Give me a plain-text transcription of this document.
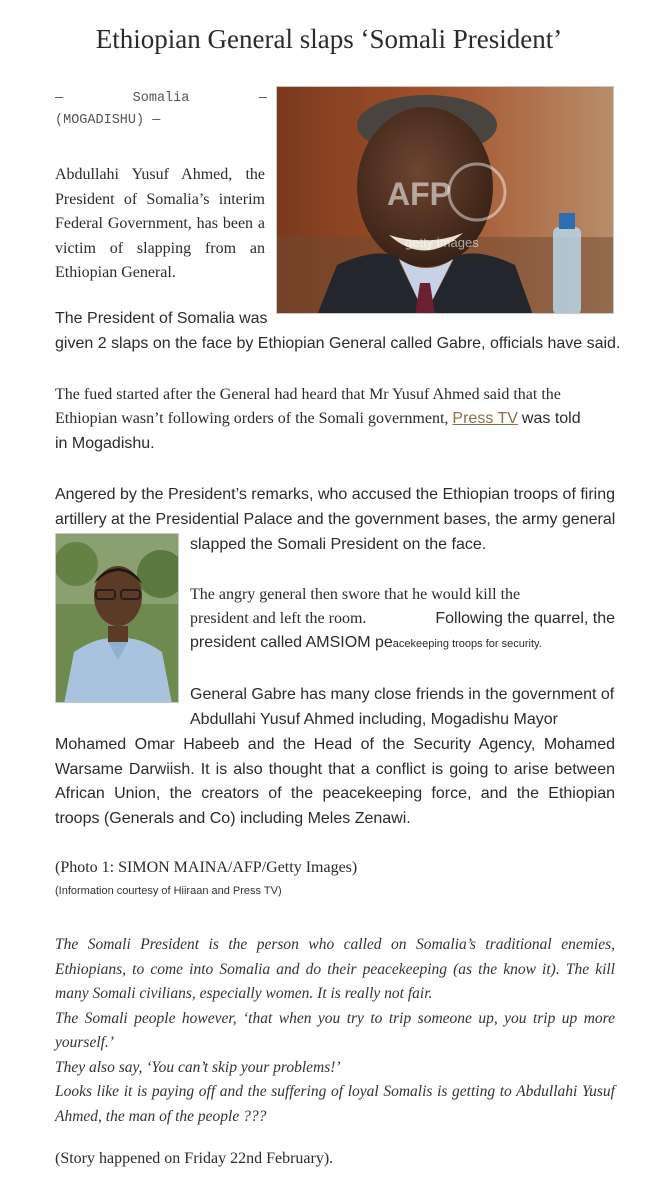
Ethiopian General slaps ‘Somali President’
—	Somalia	—
(MOGADISHU) —
AFP
getty images

Abdullahi Yusuf Ahmed, the President of Somalia’s interim Federal Government, has been a victim of slapping from an Ethiopian General.

The President of Somalia was

given 2 slaps on the face by Ethiopian General called Gabre, officials have said.

The fued started after the General had heard that Mr Yusuf Ahmed said that the

Ethiopian wasn’t following orders of the Somali government, Press TV was told

in Mogadishu.

Angered by the President’s remarks, who accused the Ethiopian troops of firing

artillery at the Presidential Palace and the government bases, the army general

slapped the Somali President on the face.

The angry general then swore that he would kill the

president and left the room.	Following the quarrel, the

president called AMSIOM peacekeeping troops for security.

General Gabre has many close friends in the government of

Abdullahi Yusuf Ahmed including, Mogadishu Mayor

Mohamed Omar Habeeb and the Head of the Security Agency, Mohamed Warsame Darwiish. It is also thought that a conflict is going to arise between African Union, the creators of the peacekeeping force, and the Ethiopian troops (Generals and Co) including Meles Zenawi.

(Photo 1: SIMON MAINA/AFP/Getty Images)

(Information courtesy of Hiiraan and Press TV)

The Somali President is the person who called on Somalia’s traditional enemies, Ethiopians, to come into Somalia and do their peacekeeping (as the know it). The kill many Somali civilians, especially women. It is really not fair.
The Somali people however, ‘that when you try to trip someone up, you trip up more yourself.’
They also say, ‘You can’t skip your problems!’
Looks like it is paying off and the suffering of loyal Somalis is getting to Abdullahi Yusuf Ahmed, the man of the people ???

(Story happened on Friday 22nd February).
